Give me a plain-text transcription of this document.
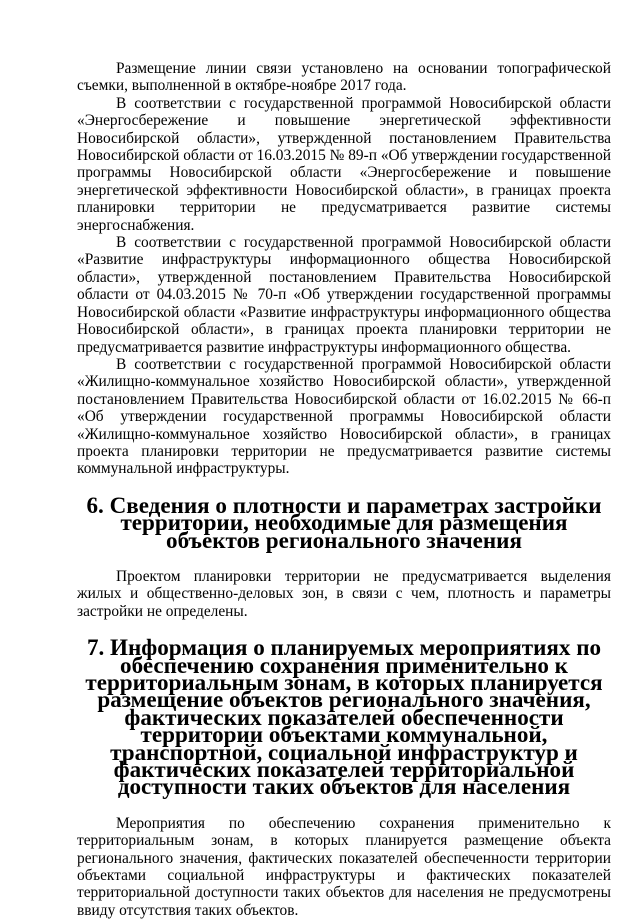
Размещение линии связи установлено на основании топографической съемки, выполненной в октябре-ноябре 2017 года.

В соответствии с государственной программой Новосибирской области «Энергосбережение и повышение энергетической эффективности Новосибирской области», утвержденной постановлением Правительства Новосибирской области от 16.03.2015 № 89-п «Об утверждении государственной программы Новосибирской области «Энергосбережение и повышение энергетической эффективности Новосибирской области», в границах проекта планировки территории не предусматривается развитие системы энергоснабжения.

В соответствии с государственной программой Новосибирской области «Развитие инфраструктуры информационного общества Новосибирской области», утвержденной постановлением Правительства Новосибирской области от 04.03.2015 № 70-п «Об утверждении государственной программы Новосибирской области «Развитие инфраструктуры информационного общества Новосибирской области», в границах проекта планировки территории не предусматривается развитие инфраструктуры информационного общества.

В соответствии с государственной программой Новосибирской области «Жилищно-коммунальное хозяйство Новосибирской области», утвержденной постановлением Правительства Новосибирской области от 16.02.2015 № 66-п «Об утверждении государственной программы Новосибирской области «Жилищно-коммунальное хозяйство Новосибирской области», в границах проекта планировки территории не предусматривается развитие системы коммунальной инфраструктуры.

6. Сведения о плотности и параметрах застройки территории, необходимые для размещения объектов регионального значения

Проектом планировки территории не предусматривается выделения жилых и общественно-деловых зон, в связи с чем, плотность и параметры застройки не определены.

7. Информация о планируемых мероприятиях по обеспечению сохранения применительно к территориальным зонам, в которых планируется размещение объектов регионального значения, фактических показателей обеспеченности территории объектами коммунальной, транспортной, социальной инфраструктур и фактических показателей территориальной доступности таких объектов для населения

Мероприятия по обеспечению сохранения применительно к территориальным зонам, в которых планируется размещение объекта регионального значения, фактических показателей обеспеченности территории объектами социальной инфраструктуры и фактических показателей территориальной доступности таких объектов для населения не предусмотрены ввиду отсутствия таких объектов.
